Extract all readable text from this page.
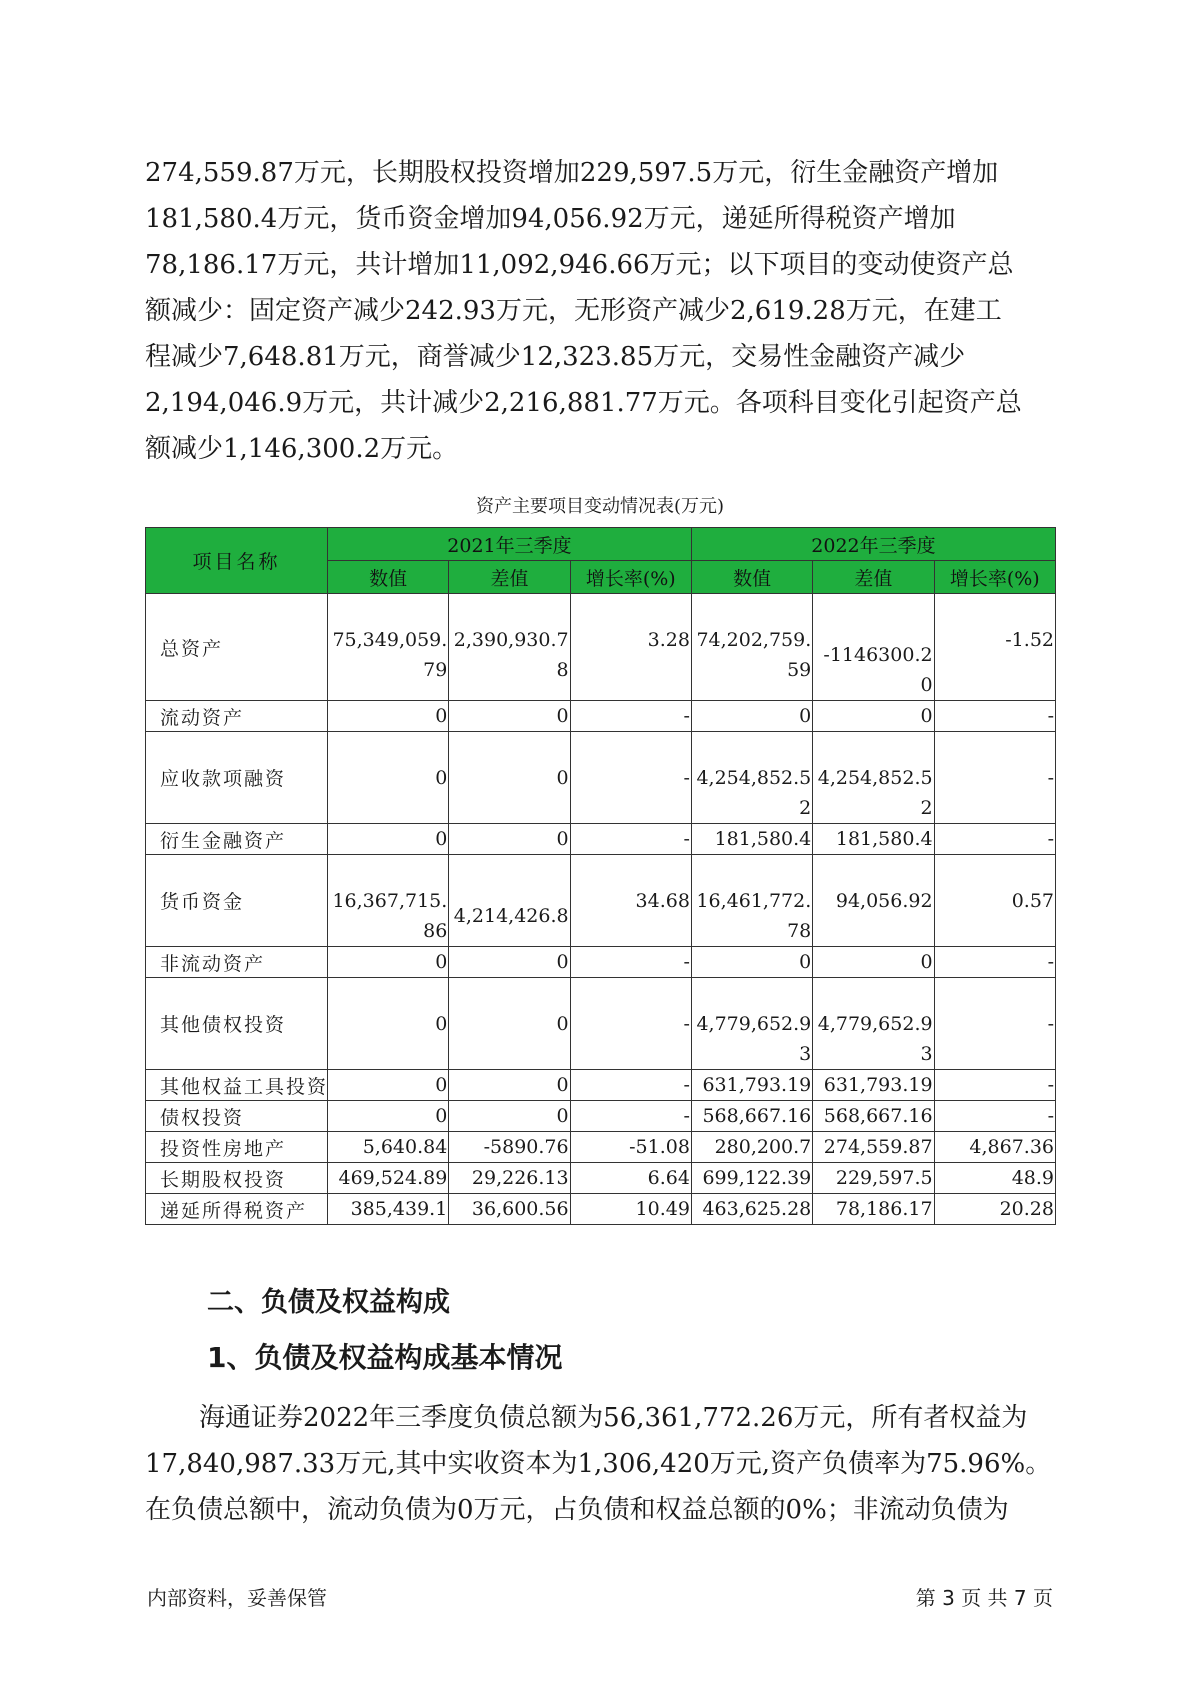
274,559.87万元，长期股权投资增加229,597.5万元，衍生金融资产增加
181,580.4万元，货币资金增加94,056.92万元，递延所得税资产增加
78,186.17万元，共计增加11,092,946.66万元；以下项目的变动使资产总
额减少：固定资产减少242.93万元，无形资产减少2,619.28万元，在建工
程减少7,648.81万元，商誉减少12,323.85万元，交易性金融资产减少
2,194,046.9万元，共计减少2,216,881.77万元。各项科目变化引起资产总
额减少1,146,300.2万元。
资产主要项目变动情况表(万元)
项目名称	2021年三季度			2022年三季度		
	数值	差值	增长率(%)	数值	差值	增长率(%)
总资产	75,349,059.79	2,390,930.78	3.28	74,202,759.59	-1146300.20	-1.52

流动资产	0	0	-	0	0	-

应收款项融资	0	0	-	4,254,852.52	4,254,852.52	-

衍生金融资产	0	0	-	181,580.4	181,580.4	-

货币资金	16,367,715.86	4,214,426.8	34.68	16,461,772.78	94,056.92	0.57

非流动资产	0	0	-	0	0	-

其他债权投资	0	0	-	4,779,652.93	4,779,652.93	-

其他权益工具投资	0	0	-	631,793.19	631,793.19	-

债权投资	0	0	-	568,667.16	568,667.16	-

投资性房地产	5,640.84	-5890.76	-51.08	280,200.7	274,559.87	4,867.36

长期股权投资	469,524.89	29,226.13	6.64	699,122.39	229,597.5	48.9

递延所得税资产	385,439.1	36,600.56	10.49	463,625.28	78,186.17	20.28
二、负债及权益构成
1、负债及权益构成基本情况
海通证券2022年三季度负债总额为56,361,772.26万元，所有者权益为
17,840,987.33万元,其中实收资本为1,306,420万元,资产负债率为75.96%。
在负债总额中，流动负债为0万元，占负债和权益总额的0%；非流动负债为
内部资料，妥善保管	第 3 页 共 7 页
